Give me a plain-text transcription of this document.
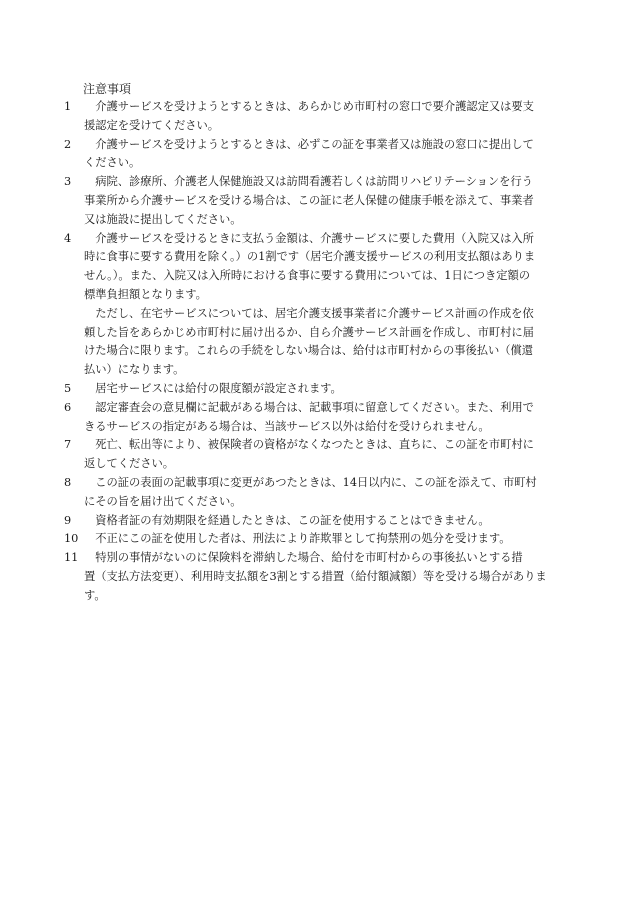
注意事項
1	　介護サービスを受けようとするときは、あらかじめ市町村の窓口で要介護認定又は要支
援認定を受けてください。
2	　介護サービスを受けようとするときは、必ずこの証を事業者又は施設の窓口に提出して
ください。
3	　病院、診療所、介護老人保健施設又は訪問看護若しくは訪問リハビリテーションを行う
事業所から介護サービスを受ける場合は、この証に老人保健の健康手帳を添えて、事業者
又は施設に提出してください。
4	　介護サービスを受けるときに支払う金額は、介護サービスに要した費用（入院又は入所
時に食事に要する費用を除く。）の1割です（居宅介護支援サービスの利用支払額はありま
せん。）。また、入院又は入所時における食事に要する費用については、1日につき定額の
標準負担額となります。
　ただし、在宅サービスについては、居宅介護支援事業者に介護サービス計画の作成を依
頼した旨をあらかじめ市町村に届け出るか、自ら介護サービス計画を作成し、市町村に届
けた場合に限ります。これらの手続をしない場合は、給付は市町村からの事後払い（償還
払い）になります。
5	　居宅サービスには給付の限度額が設定されます。
6	　認定審査会の意見欄に記載がある場合は、記載事項に留意してください。また、利用で
きるサービスの指定がある場合は、当該サービス以外は給付を受けられません。
7	　死亡、転出等により、被保険者の資格がなくなつたときは、直ちに、この証を市町村に
返してください。
8	　この証の表面の記載事項に変更があつたときは、14日以内に、この証を添えて、市町村
にその旨を届け出てください。
9	　資格者証の有効期限を経過したときは、この証を使用することはできません。
10 　不正にこの証を使用した者は、刑法により詐欺罪として拘禁刑の処分を受けます。
11 　特別の事情がないのに保険料を滞納した場合、給付を市町村からの事後払いとする措
置（支払方法変更）、利用時支払額を3割とする措置（給付額減額）等を受ける場合がありま
す。
